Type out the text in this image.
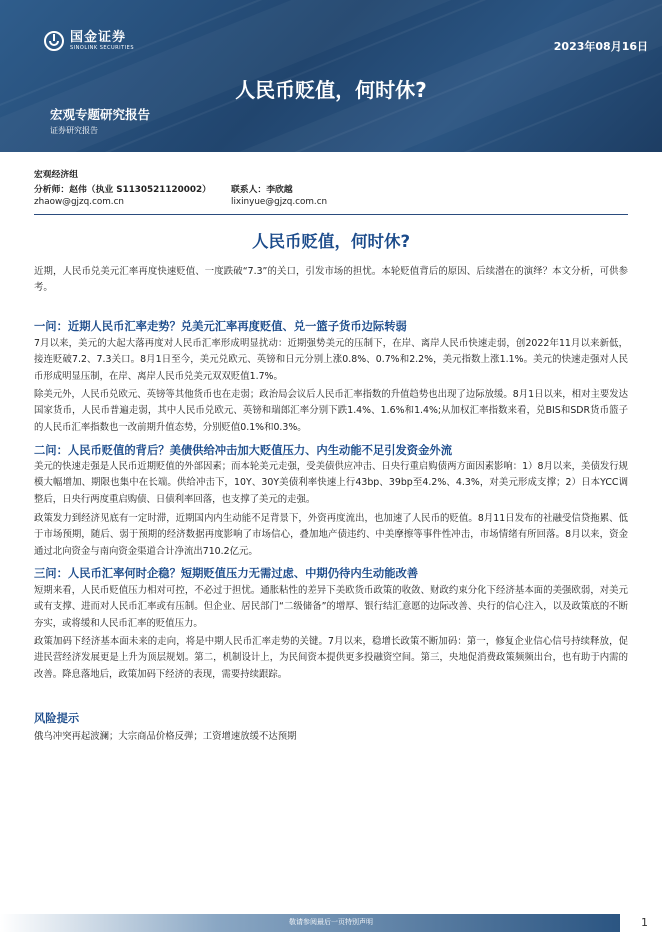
国金证券
SINOLINK SECURITIES	2023年08月16日
人民币贬值，何时休?
宏观专题研究报告
证券研究报告
宏观经济组
分析师：赵伟（执业 S1130521120002）
zhaow@gjzq.com.cn
联系人：李欣越
lixinyue@gjzq.com.cn
人民币贬值，何时休?

近期，人民币兑美元汇率再度快速贬值、一度跌破“7.3”的关口，引发市场的担忧。本轮贬值背后的原因、后续潜在的演绎？本文分析，可供参考。

一问：近期人民币汇率走势？兑美元汇率再度贬值、兑一篮子货币边际转弱

7月以来，美元的大起大落再度对人民币汇率形成明显扰动：近期强势美元的压制下，在岸、离岸人民币快速走弱，创2022年11月以来新低，接连贬破7.2、7.3关口。8月1日至今，美元兑欧元、英镑和日元分别上涨0.8%、0.7%和2.2%，美元指数上涨1.1%。美元的快速走强对人民币形成明显压制，在岸、离岸人民币兑美元双双贬值1.7%。

除美元外，人民币兑欧元、英镑等其他货币也在走弱；政治局会议后人民币汇率指数的升值趋势也出现了边际放缓。8月1日以来，相对主要发达国家货币，人民币普遍走弱，其中人民币兑欧元、英镑和瑞郎汇率分别下跌1.4%、1.6%和1.4%;从加权汇率指数来看，兑BIS和SDR货币篮子的人民币汇率指数也一改前期升值态势，分别贬值0.1%和0.3%。

二问：人民币贬值的背后？美债供给冲击加大贬值压力、内生动能不足引发资金外流

美元的快速走强是人民币近期贬值的外部因素；而本轮美元走强，受美债供应冲击、日央行重启购债两方面因素影响：1）8月以来，美债发行规模大幅增加、期限也集中在长端。供给冲击下，10Y、30Y美债利率快速上行43bp、39bp至4.2%、4.3%，对美元形成支撑；2）日本YCC调整后，日央行两度重启购债、日债利率回落，也支撑了美元的走强。

政策发力到经济见底有一定时滞，近期国内内生动能不足背景下，外资再度流出，也加速了人民币的贬值。8月11日发布的社融受信贷拖累、低于市场预期，随后、弱于预期的经济数据再度影响了市场信心，叠加地产债违约、中美摩擦等事件性冲击，市场情绪有所回落。8月以来，资金通过北向资金与南向资金渠道合计净流出710.2亿元。

三问：人民币汇率何时企稳？短期贬值压力无需过虑、中期仍待内生动能改善

短期来看，人民币贬值压力相对可控，不必过于担忧。通胀粘性的差异下美欧货币政策的收敛、财政约束分化下经济基本面的美强欧弱，对美元或有支撑、进而对人民币汇率或有压制。但企业、居民部门“二级储备”的增厚、银行结汇意愿的边际改善、央行的信心注入，以及政策底的不断夯实，或将缓和人民币汇率的贬值压力。

政策加码下经济基本面未来的走向，将是中期人民币汇率走势的关键。7月以来，稳增长政策不断加码：第一，修复企业信心信号持续释放，促进民营经济发展更是上升为顶层规划。第二，机制设计上，为民间资本提供更多投融资空间。第三，央地促消费政策频频出台，也有助于内需的改善。降息落地后，政策加码下经济的表现，需要持续跟踪。

风险提示
俄乌冲突再起波澜；大宗商品价格反弹；工资增速放缓不达预期
敬请参阅最后一页特别声明	1
